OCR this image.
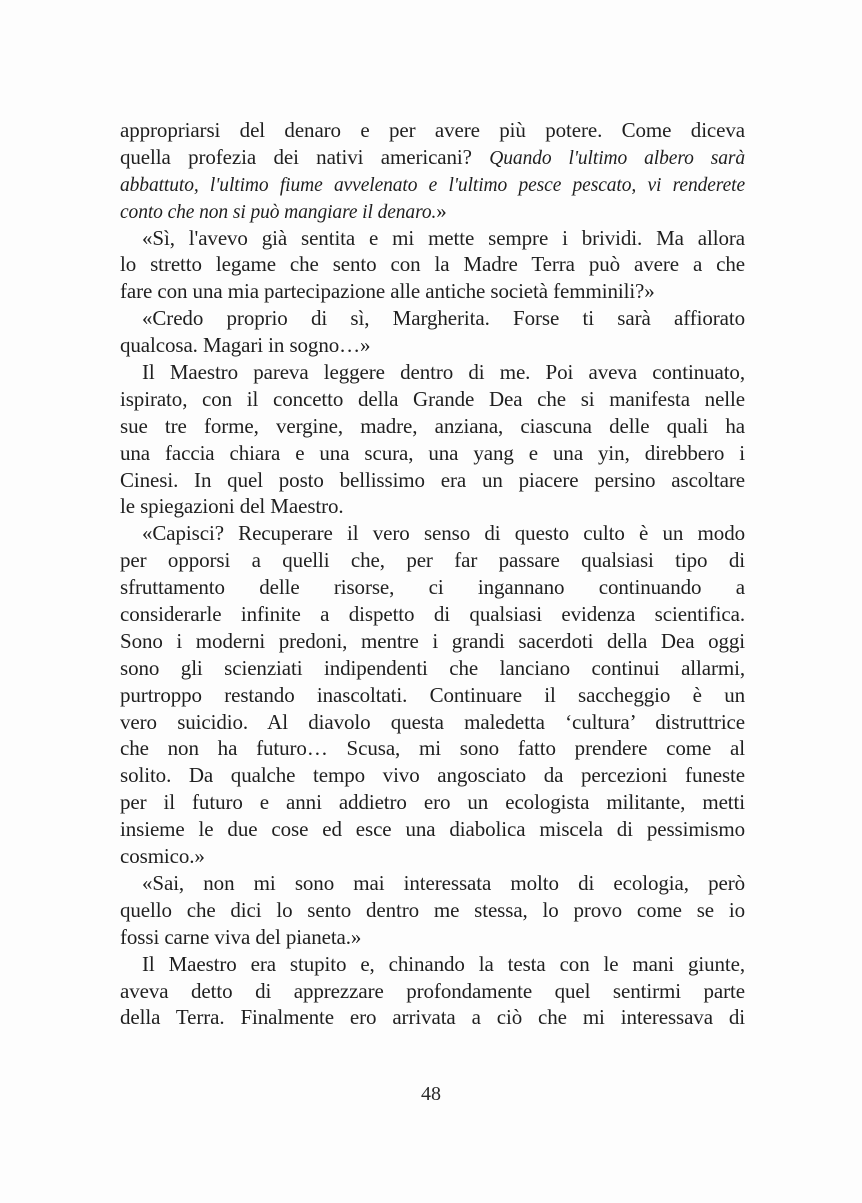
appropriarsi del denaro e per avere più potere. Come diceva
quella profezia dei nativi americani? Quando l'ultimo albero sarà
abbattuto, l'ultimo fiume avvelenato e l'ultimo pesce pescato, vi renderete
conto che non si può mangiare il denaro.»
«Sì, l'avevo già sentita e mi mette sempre i brividi. Ma allora
lo stretto legame che sento con la Madre Terra può avere a che
fare con una mia partecipazione alle antiche società femminili?»
«Credo proprio di sì, Margherita. Forse ti sarà affiorato
qualcosa. Magari in sogno…»
Il Maestro pareva leggere dentro di me. Poi aveva continuato,
ispirato, con il concetto della Grande Dea che si manifesta nelle
sue tre forme, vergine, madre, anziana, ciascuna delle quali ha
una faccia chiara e una scura, una yang e una yin, direbbero i
Cinesi. In quel posto bellissimo era un piacere persino ascoltare
le spiegazioni del Maestro.
«Capisci? Recuperare il vero senso di questo culto è un modo
per opporsi a quelli che, per far passare qualsiasi tipo di
sfruttamento delle risorse, ci ingannano continuando a
considerarle infinite a dispetto di qualsiasi evidenza scientifica.
Sono i moderni predoni, mentre i grandi sacerdoti della Dea oggi
sono gli scienziati indipendenti che lanciano continui allarmi,
purtroppo restando inascoltati. Continuare il saccheggio è un
vero suicidio. Al diavolo questa maledetta ‘cultura’ distruttrice
che non ha futuro… Scusa, mi sono fatto prendere come al
solito. Da qualche tempo vivo angosciato da percezioni funeste
per il futuro e anni addietro ero un ecologista militante, metti
insieme le due cose ed esce una diabolica miscela di pessimismo
cosmico.»
«Sai, non mi sono mai interessata molto di ecologia, però
quello che dici lo sento dentro me stessa, lo provo come se io
fossi carne viva del pianeta.»
Il Maestro era stupito e, chinando la testa con le mani giunte,
aveva detto di apprezzare profondamente quel sentirmi parte
della Terra. Finalmente ero arrivata a ciò che mi interessava di
48
